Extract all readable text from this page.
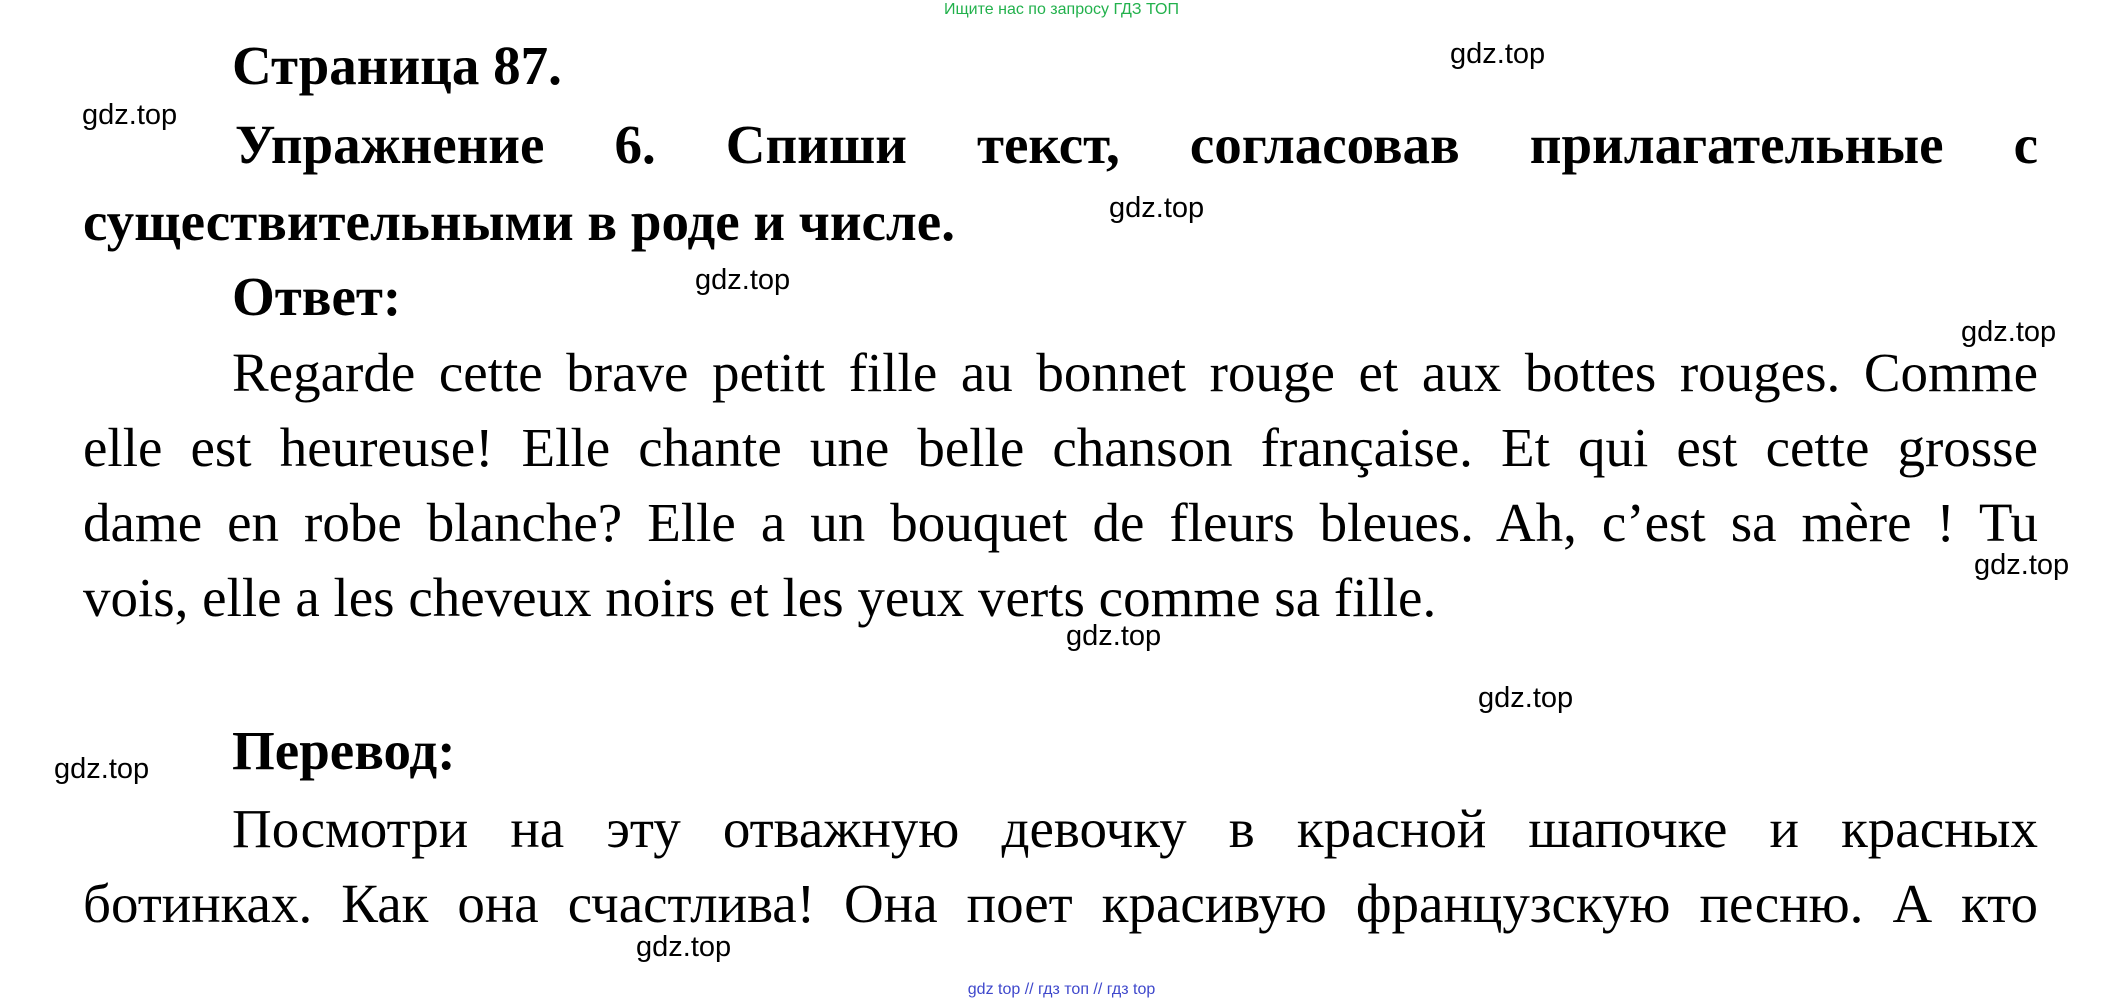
Ищите нас по запросу ГДЗ ТОП
Страница 87.
Упражнение 6. Спиши текст, согласовав прилагательные с
существительными в роде и числе.
Ответ:
Regarde cette brave petitt fille au bonnet rouge et aux bottes rouges. Comme
elle est heureuse! Elle chante une belle chanson française. Et qui est cette grosse
dame en robe blanche? Elle a un bouquet de fleurs bleues. Ah, c’est sa mère ! Tu
vois, elle a les cheveux noirs et les yeux verts comme sa fille.
Перевод:
Посмотри на эту отважную девочку в красной шапочке и красных
ботинках. Как она счастлива! Она поет красивую французскую песню. А кто
gdz.top
gdz.top
gdz.top
gdz.top
gdz.top
gdz.top
gdz.top
gdz.top
gdz.top
gdz.top
gdz top // гдз топ // гдз top
